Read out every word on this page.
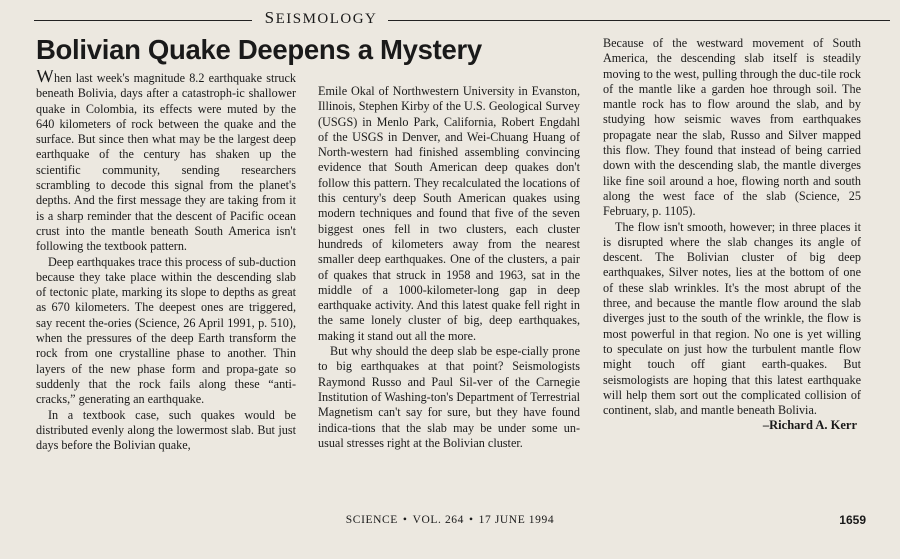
SEISMOLOGY
Bolivian Quake Deepens a Mystery

When last week's magnitude 8.2 earthquake struck beneath Bolivia, days after a catastroph-ic shallower quake in Colombia, its effects were muted by the 640 kilometers of rock between the quake and the surface. But since then what may be the largest deep earthquake of the century has shaken up the scientific community, sending researchers scrambling to decode this signal from the planet's depths. And the first message they are taking from it is a sharp reminder that the descent of Pacific ocean crust into the mantle beneath South America isn't following the textbook pattern.

Deep earthquakes trace this process of sub-duction because they take place within the descending slab of tectonic plate, marking its slope to depths as great as 670 kilometers. The deepest ones are triggered, say recent the-ories (Science, 26 April 1991, p. 510), when the pressures of the deep Earth transform the rock from one crystalline phase to another. Thin layers of the new phase form and propa-gate so suddenly that the rock fails along these “anti-cracks,” generating an earthquake.

In a textbook case, such quakes would be distributed evenly along the lowermost slab. But just days before the Bolivian quake,

Emile Okal of Northwestern University in Evanston, Illinois, Stephen Kirby of the U.S. Geological Survey (USGS) in Menlo Park, California, Robert Engdahl of the USGS in Denver, and Wei-Chuang Huang of North-western had finished assembling convincing evidence that South American deep quakes don't follow this pattern. They recalculated the locations of this century's deep South American quakes using modern techniques and found that five of the seven biggest ones fell in two clusters, each cluster hundreds of kilometers away from the nearest smaller deep earthquakes. One of the clusters, a pair of quakes that struck in 1958 and 1963, sat in the middle of a 1000-kilometer-long gap in deep earthquake activity. And this latest quake fell right in the same lonely cluster of big, deep earthquakes, making it stand out all the more.

But why should the deep slab be espe-cially prone to big earthquakes at that point? Seismologists Raymond Russo and Paul Sil-ver of the Carnegie Institution of Washing-ton's Department of Terrestrial Magnetism can't say for sure, but they have found indica-tions that the slab may be under some un-usual stresses right at the Bolivian cluster.

Because of the westward movement of South America, the descending slab itself is steadily moving to the west, pulling through the duc-tile rock of the mantle like a garden hoe through soil. The mantle rock has to flow around the slab, and by studying how seismic waves from earthquakes propagate near the slab, Russo and Silver mapped this flow. They found that instead of being carried down with the descending slab, the mantle diverges like fine soil around a hoe, flowing north and south along the west face of the slab (Science, 25 February, p. 1105).

The flow isn't smooth, however; in three places it is disrupted where the slab changes its angle of descent. The Bolivian cluster of big deep earthquakes, Silver notes, lies at the bottom of one of these slab wrinkles. It's the most abrupt of the three, and because the mantle flow around the slab diverges just to the south of the wrinkle, the flow is most powerful in that region. No one is yet willing to speculate on just how the turbulent mantle flow might touch off giant earth-quakes. But seismologists are hoping that this latest earthquake will help them sort out the complicated collision of continent, slab, and mantle beneath Bolivia.

–Richard A. Kerr
SCIENCE • VOL. 264 • 17 JUNE 1994	1659
